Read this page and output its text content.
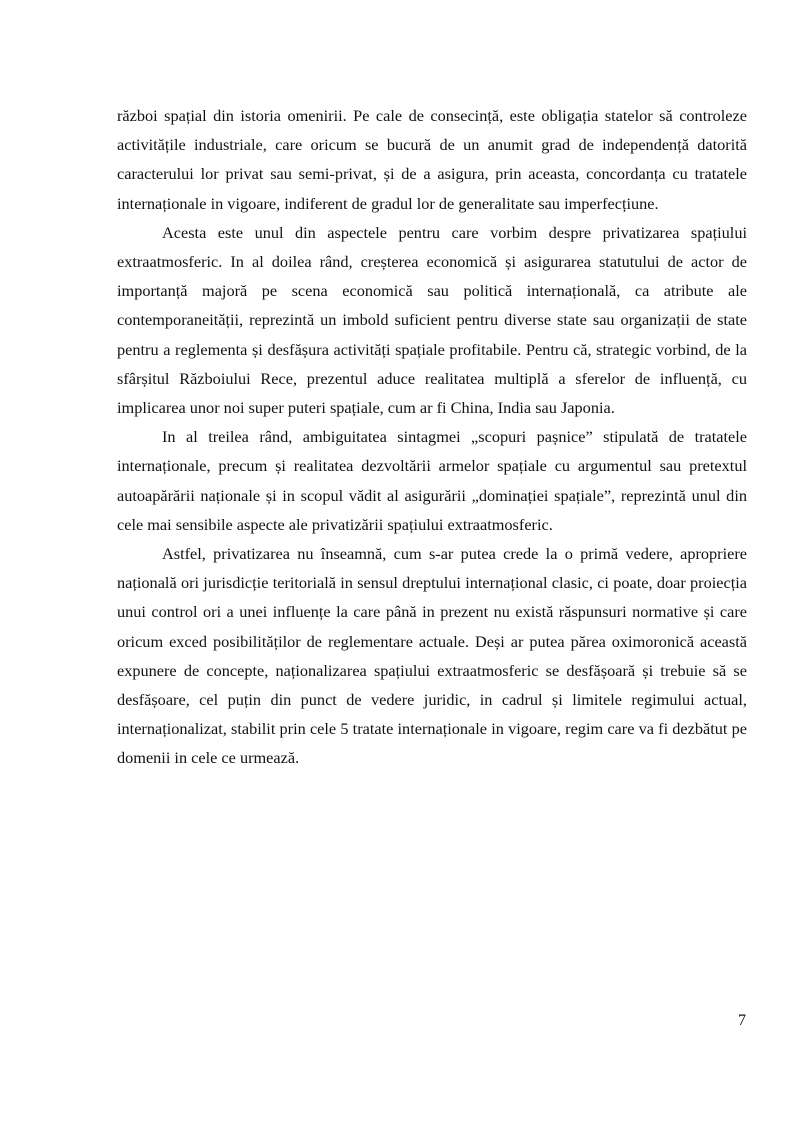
război spațial din istoria omenirii. Pe cale de consecință, este obligația statelor să controleze activitățile industriale, care oricum se bucură de un anumit grad de independență datorită caracterului lor privat sau semi-privat, și de a asigura, prin aceasta, concordanța cu tratatele internaționale in vigoare, indiferent de gradul lor de generalitate sau imperfecțiune.

Acesta este unul din aspectele pentru care vorbim despre privatizarea spațiului extraatmosferic. In al doilea rând, creșterea economică și asigurarea statutului de actor de importanță majoră pe scena economică sau politică internațională, ca atribute ale contemporaneității, reprezintă un imbold suficient pentru diverse state sau organizații de state pentru a reglementa și desfășura activități spațiale profitabile. Pentru că, strategic vorbind, de la sfârșitul Războiului Rece, prezentul aduce realitatea multiplă a sferelor de influență, cu implicarea unor noi super puteri spațiale, cum ar fi China, India sau Japonia.

In al treilea rând, ambiguitatea sintagmei „scopuri pașnice” stipulată de tratatele internaționale, precum și realitatea dezvoltării armelor spațiale cu argumentul sau pretextul autoapărării naționale și in scopul vădit al asigurării „dominației spațiale”, reprezintă unul din cele mai sensibile aspecte ale privatizării spațiului extraatmosferic.

Astfel, privatizarea nu înseamnă, cum s-ar putea crede la o primă vedere, apropriere națională ori jurisdicție teritorială in sensul dreptului internațional clasic, ci poate, doar proiecția unui control ori a unei influențe la care până in prezent nu există răspunsuri normative și care oricum exced posibilităților de reglementare actuale. Deși ar putea părea oximoronică această expunere de concepte, naționalizarea spațiului extraatmosferic se desfășoară și trebuie să se desfășoare, cel puțin din punct de vedere juridic, in cadrul și limitele regimului actual, internaționalizat, stabilit prin cele 5 tratate internaționale in vigoare, regim care va fi dezbătut pe domenii in cele ce urmează.

7
